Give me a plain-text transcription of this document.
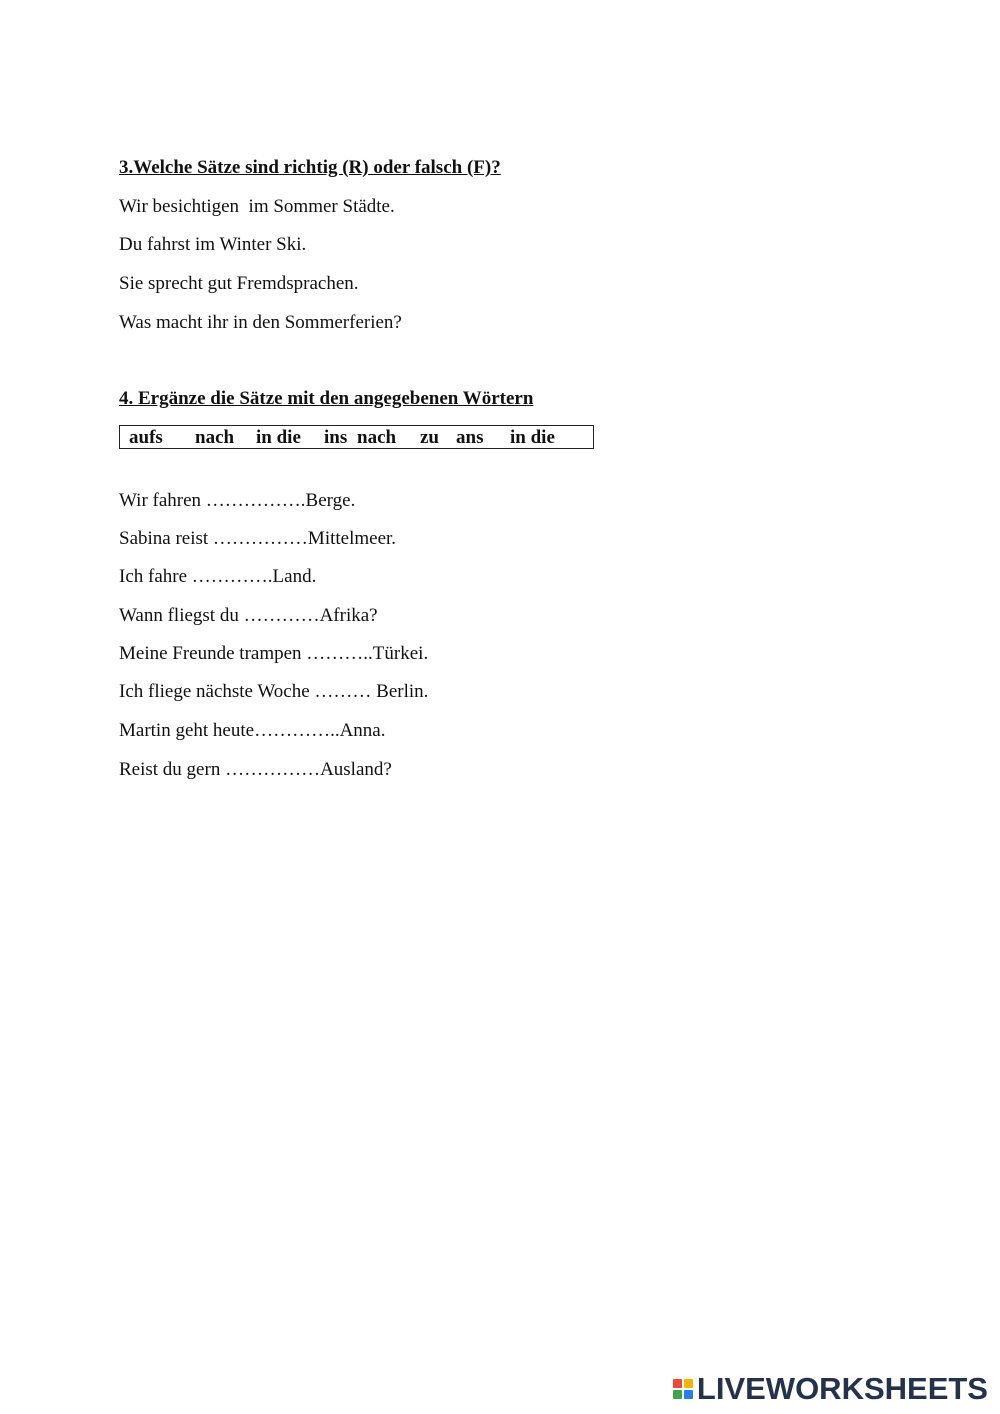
3.Welche Sätze sind richtig (R) oder falsch (F)?
Wir besichtigen  im Sommer Städte.
Du fahrst im Winter Ski.
Sie sprecht gut Fremdsprachen.
Was macht ihr in den Sommerferien?
4. Ergänze die Sätze mit den angegebenen Wörtern
aufs nach in die ins nach zu ans in die
Wir fahren …………….Berge.
Sabina reist ……………Mittelmeer.
Ich fahre ………….Land.
Wann fliegst du …………Afrika?
Meine Freunde trampen ………..Türkei.
Ich fliege nächste Woche ……… Berlin.
Martin geht heute…………..Anna.
Reist du gern ……………Ausland?
LIVEWORKSHEETS
